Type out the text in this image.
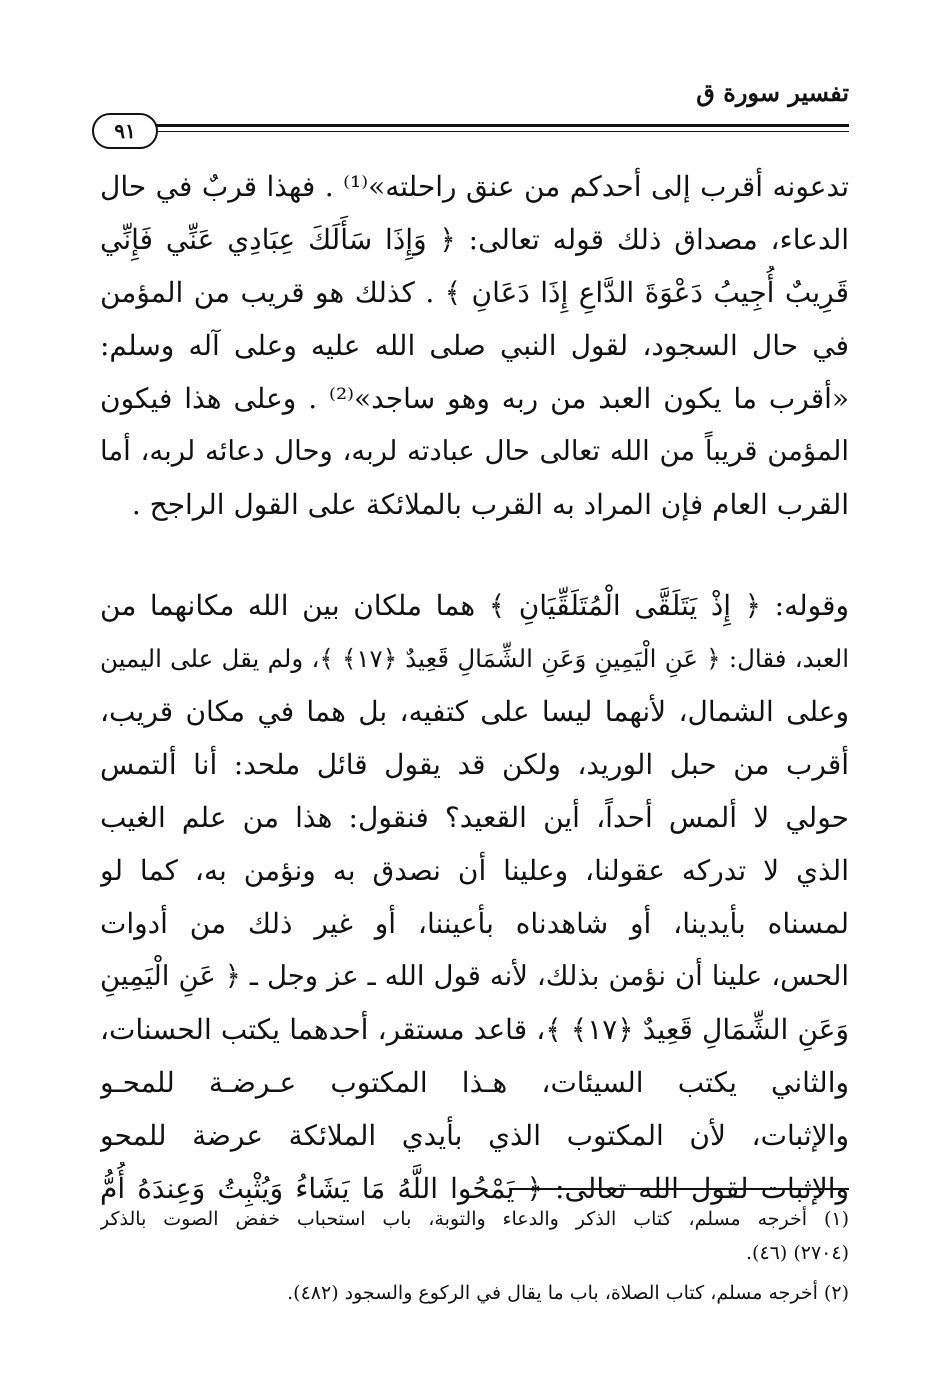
تفسير سورة ق
٩١
تدعونه أقرب إلى أحدكم من عنق راحلته»⁽¹⁾ . فهذا قربٌ في حال
الدعاء، مصداق ذلك قوله تعالى: ﴿ وَإِذَا سَأَلَكَ عِبَادِي عَنِّي فَإِنِّي
قَرِيبٌ أُجِيبُ دَعْوَةَ الدَّاعِ إِذَا دَعَانِ ﴾ . كذلك هو قريب من المؤمن
في حال السجود، لقول النبي صلى الله عليه وعلى آله وسلم:
«أقرب ما يكون العبد من ربه وهو ساجد»⁽²⁾ . وعلى هذا فيكون
المؤمن قريباً من الله تعالى حال عبادته لربه، وحال دعائه لربه، أما
القرب العام فإن المراد به القرب بالملائكة على القول الراجح .
وقوله: ﴿ إِذْ يَتَلَقَّى الْمُتَلَقِّيَانِ ﴾ هما ملكان بين الله مكانهما من
العبد، فقال: ﴿ عَنِ الْيَمِينِ وَعَنِ الشِّمَالِ قَعِيدٌ ﴿١٧﴾ ﴾، ولم يقل على اليمين
وعلى الشمال، لأنهما ليسا على كتفيه، بل هما في مكان قريب،
أقرب من حبل الوريد، ولكن قد يقول قائل ملحد: أنا ألتمس
حولي لا ألمس أحداً، أين القعيد؟ فنقول: هذا من علم الغيب
الذي لا تدركه عقولنا، وعلينا أن نصدق به ونؤمن به، كما لو
لمسناه بأيدينا، أو شاهدناه بأعيننا، أو غير ذلك من أدوات
الحس، علينا أن نؤمن بذلك، لأنه قول الله ـ عز وجل ـ ﴿ عَنِ الْيَمِينِ
وَعَنِ الشِّمَالِ قَعِيدٌ ﴿١٧﴾ ﴾، قاعد مستقر، أحدهما يكتب الحسنات،
والثاني يكتب السيئات، هـذا المكتوب عـرضـة للمحـو
والإثبات، لأن المكتوب الذي بأيدي الملائكة عرضة للمحو
والإثبات لقول الله تعالى: ﴿ يَمْحُوا اللَّهُ مَا يَشَاءُ وَيُثْبِتُ وَعِندَهُ أُمُّ
(١) أخرجه مسلم، كتاب الذكر والدعاء والتوبة، باب استحباب خفض الصوت بالذكر
(٢٧٠٤) (٤٦).
(٢) أخرجه مسلم، كتاب الصلاة، باب ما يقال في الركوع والسجود (٤٨٢).
